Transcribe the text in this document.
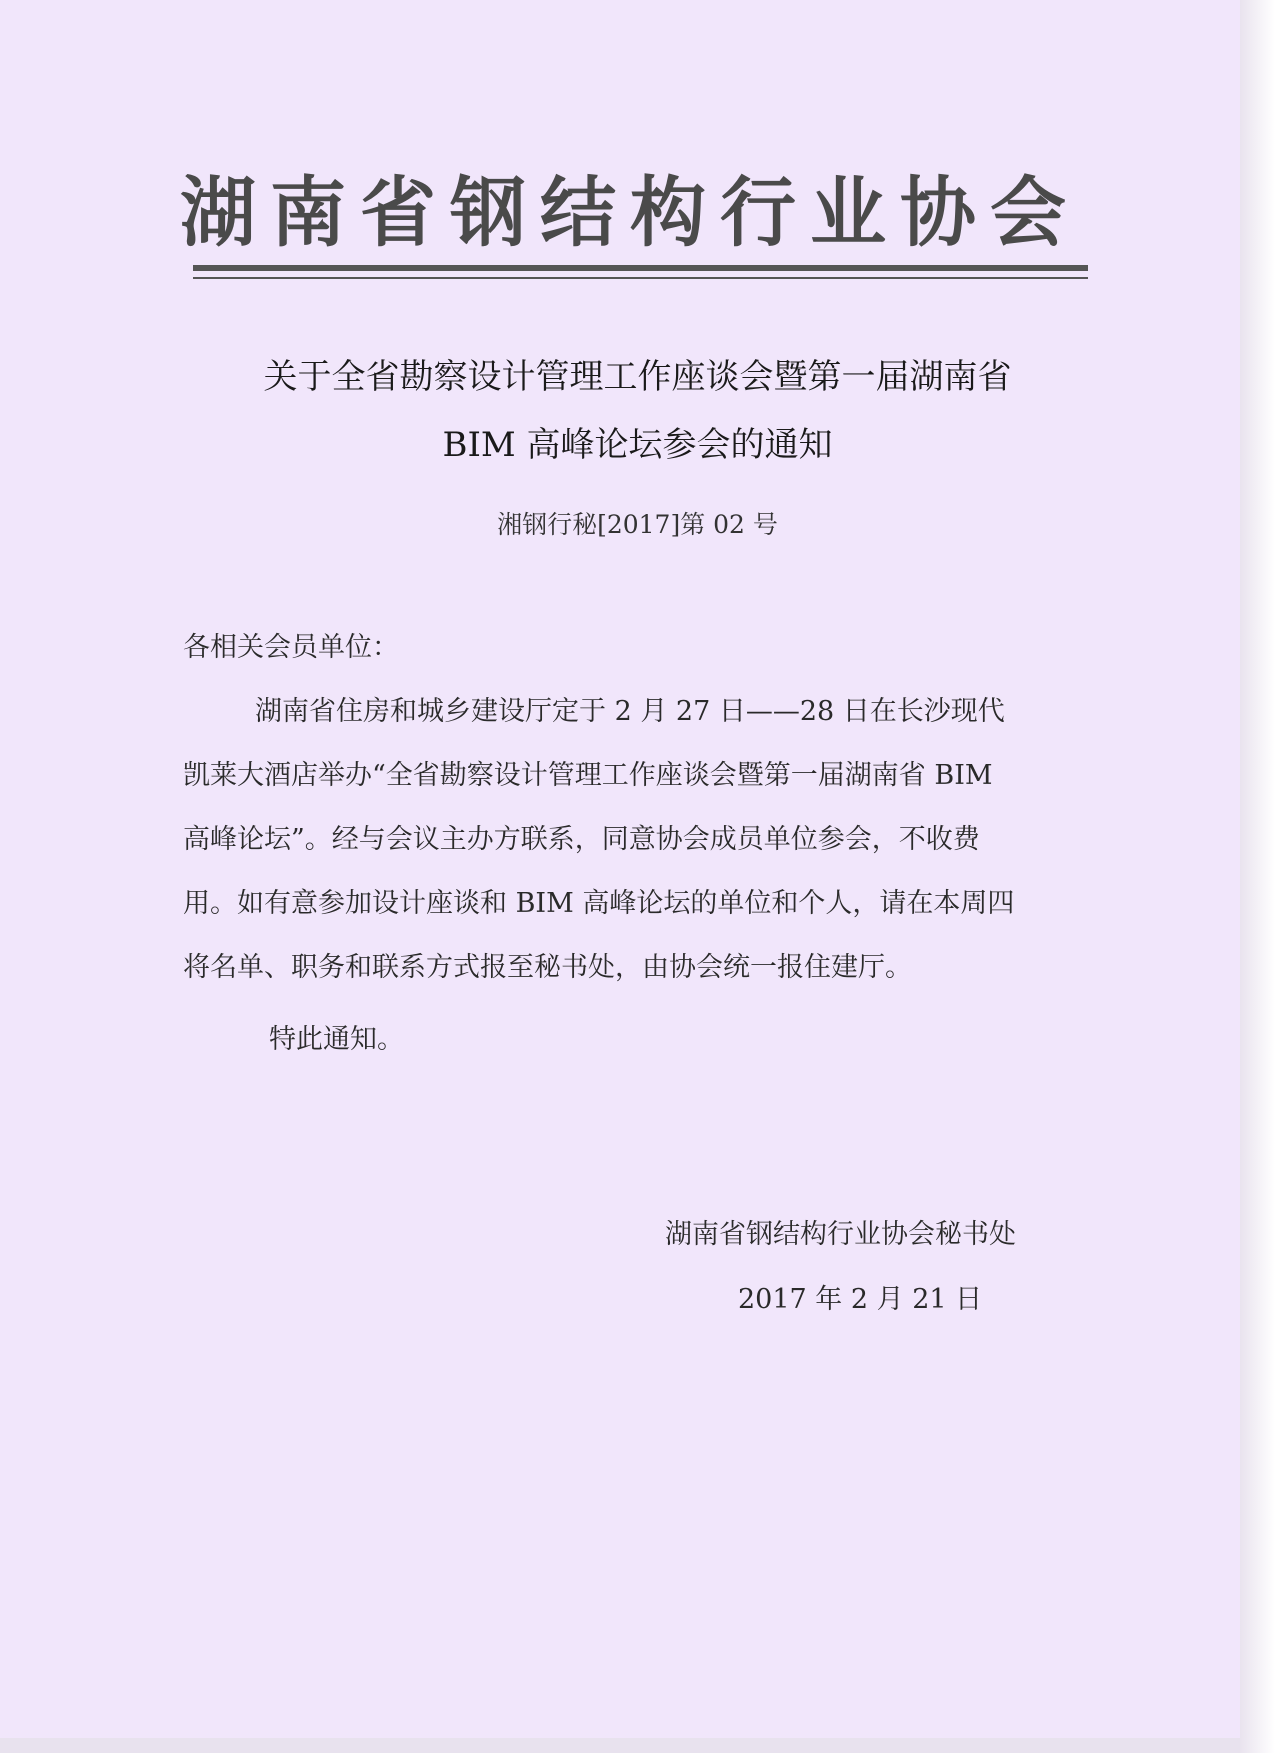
湖南省钢结构行业协会
关于全省勘察设计管理工作座谈会暨第一届湖南省
BIM 高峰论坛参会的通知
湘钢行秘[2017]第 02 号
各相关会员单位：
湖南省住房和城乡建设厅定于 2 月 27 日——28 日在长沙现代
凯莱大酒店举办“全省勘察设计管理工作座谈会暨第一届湖南省 BIM
高峰论坛”。经与会议主办方联系，同意协会成员单位参会，不收费
用。如有意参加设计座谈和 BIM 高峰论坛的单位和个人，请在本周四
将名单、职务和联系方式报至秘书处，由协会统一报住建厅。
特此通知。
湖南省钢结构行业协会秘书处
2017 年 2 月 21 日
